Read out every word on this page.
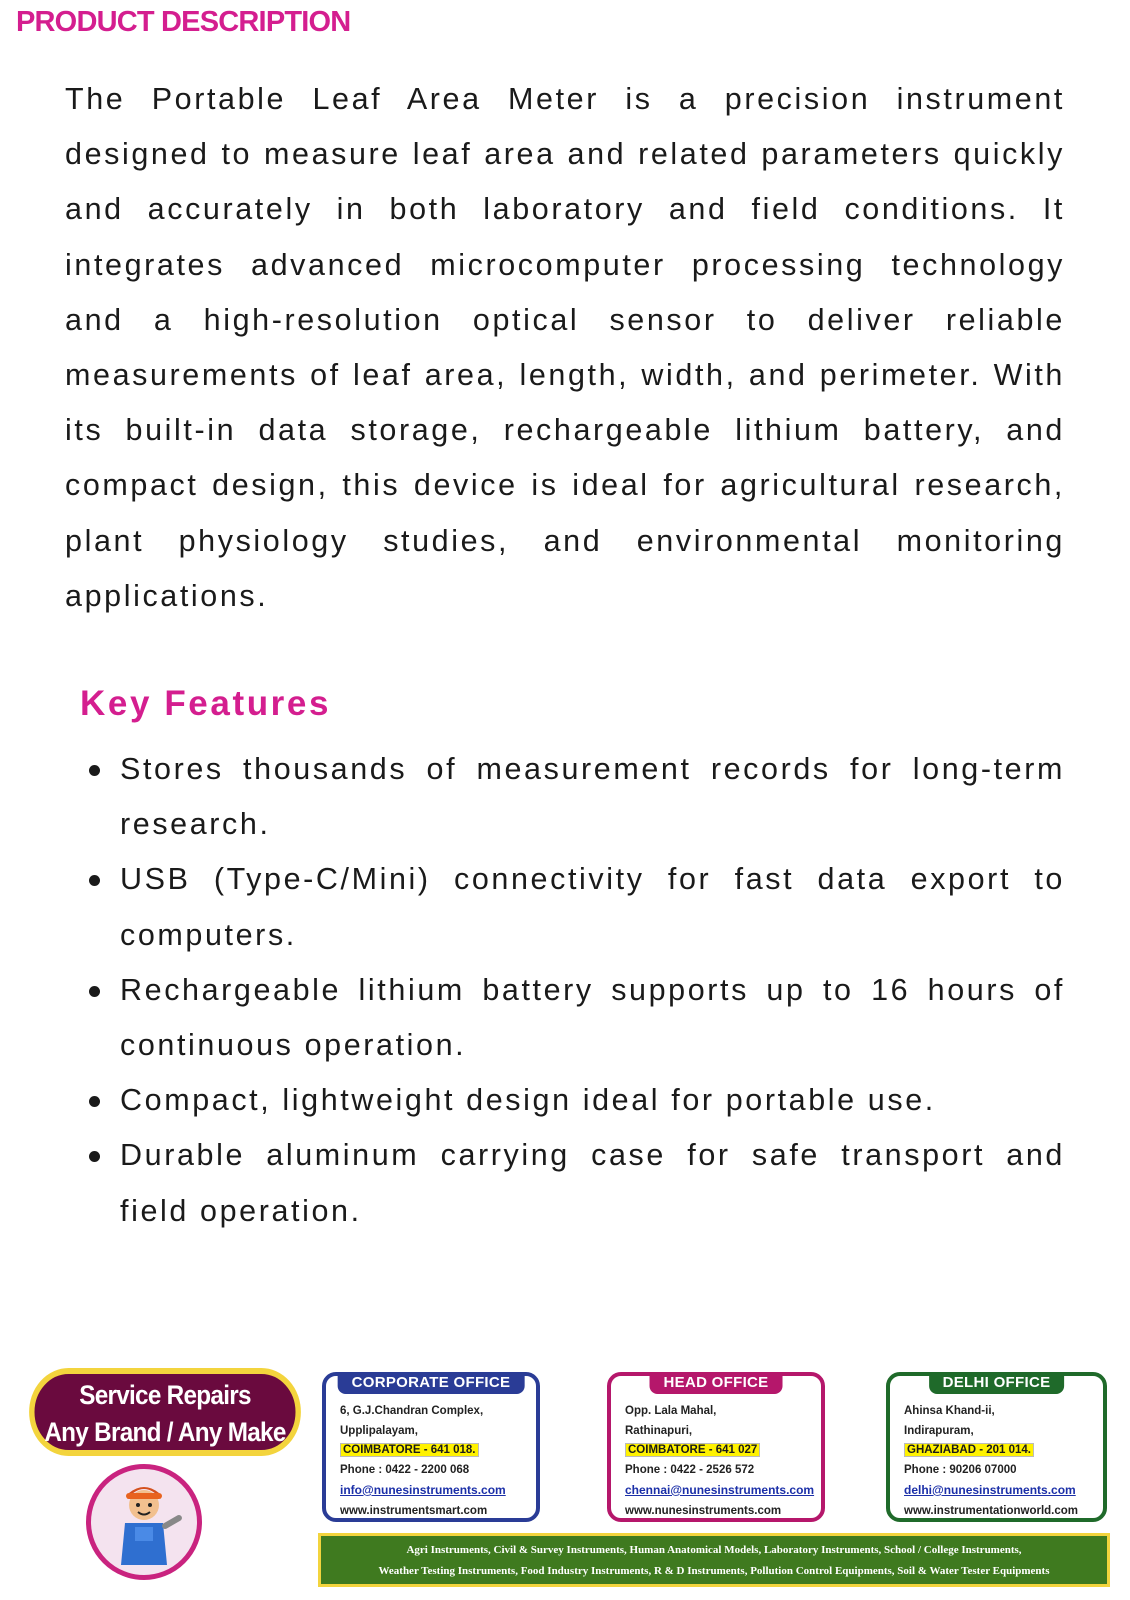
PRODUCT DESCRIPTION

The Portable Leaf Area Meter is a precision instrument designed to measure leaf area and related parameters quickly and accurately in both laboratory and field conditions. It integrates advanced microcomputer processing technology and a high-resolution optical sensor to deliver reliable measurements of leaf area, length, width, and perimeter. With its built-in data storage, rechargeable lithium battery, and compact design, this device is ideal for agricultural research, plant physiology studies, and environmental monitoring applications.

Key Features
Stores thousands of measurement records for long-term research.
USB (Type-C/Mini) connectivity for fast data export to computers.
Rechargeable lithium battery supports up to 16 hours of continuous operation.
Compact, lightweight design ideal for portable use.
Durable aluminum carrying case for safe transport and field operation.
Service Repairs
Any Brand / Any Make
CORPORATE OFFICE
6, G.J.Chandran Complex,
Upplipalayam,
COIMBATORE - 641 018.
Phone : 0422 - 2200 068
info@nunesinstruments.com
www.instrumentsmart.com
HEAD OFFICE
Opp. Lala Mahal,
Rathinapuri,
COIMBATORE - 641 027
Phone : 0422 - 2526 572
chennai@nunesinstruments.com
www.nunesinstruments.com
DELHI OFFICE
Ahinsa Khand-ii,
Indirapuram,
GHAZIABAD - 201 014.
Phone : 90206 07000
delhi@nunesinstruments.com
www.instrumentationworld.com
Agri Instruments, Civil & Survey Instruments, Human Anatomical Models, Laboratory Instruments, School / College Instruments,
Weather Testing Instruments, Food Industry Instruments, R & D Instruments, Pollution Control Equipments, Soil & Water Tester Equipments
